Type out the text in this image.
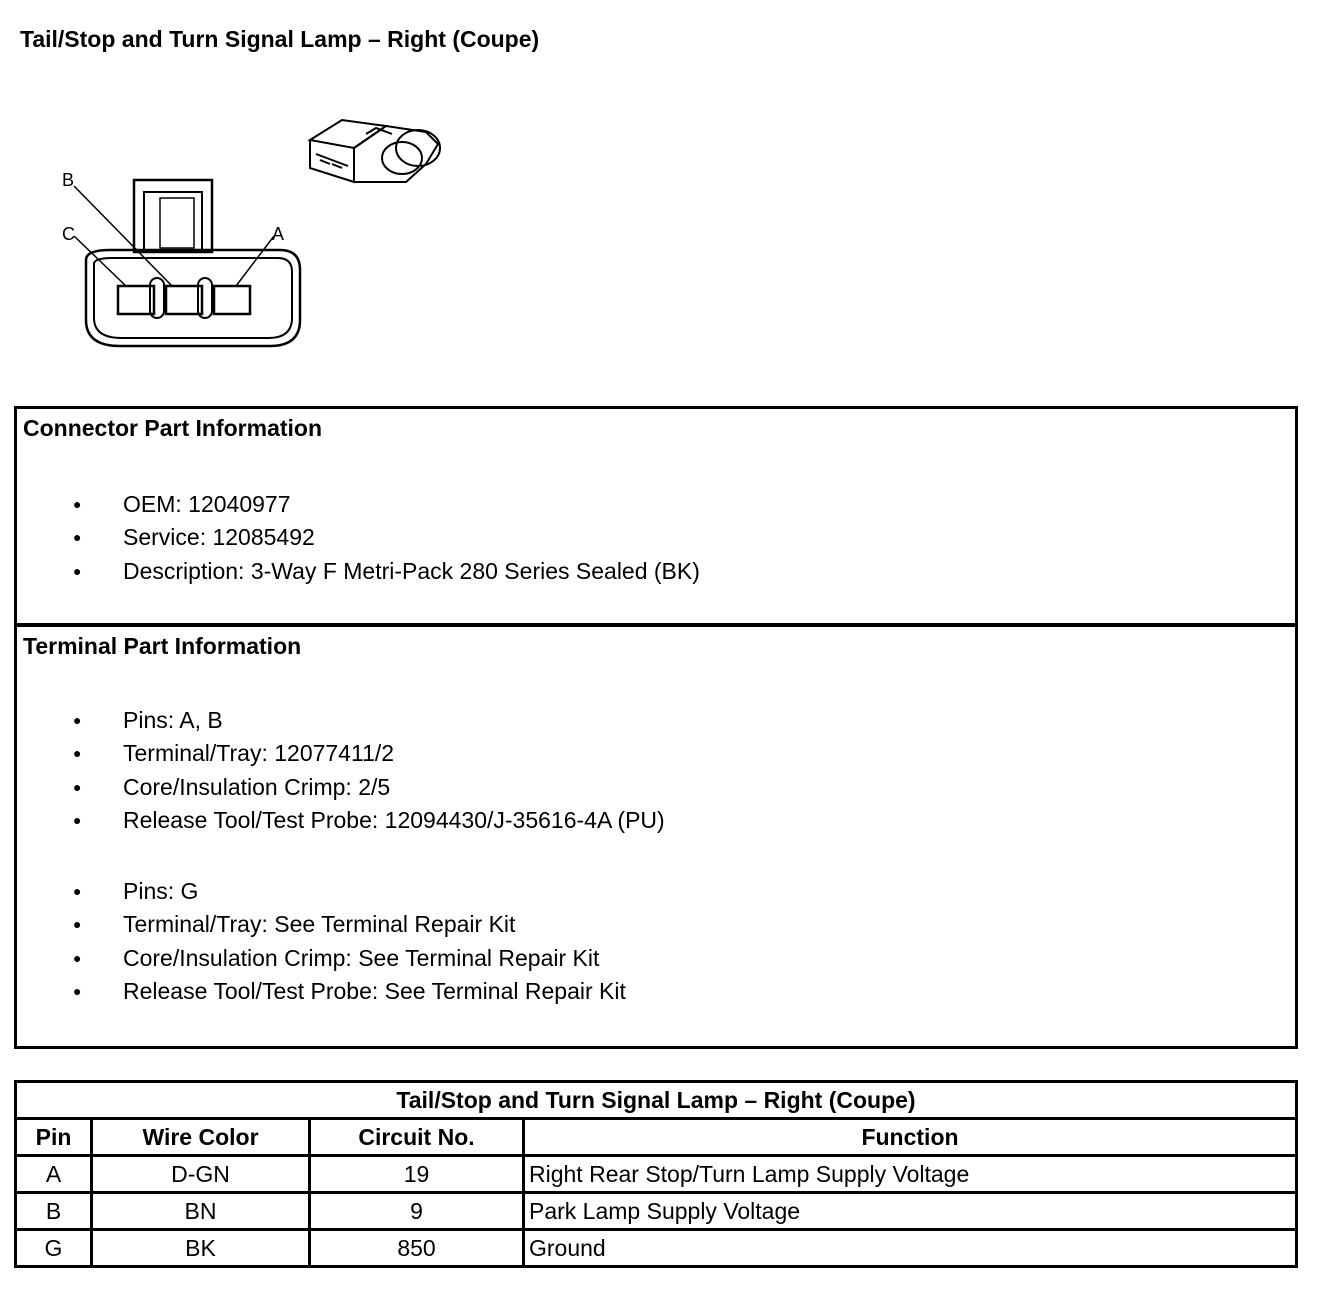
Tail/Stop and Turn Signal Lamp – Right (Coupe)
B
C	A
Connector Part Information
● OEM: 12040977
● Service: 12085492
● Description: 3-Way F Metri-Pack 280 Series Sealed (BK)
Terminal Part Information
● Pins: A, B
● Terminal/Tray: 12077411/2
● Core/Insulation Crimp: 2/5
● Release Tool/Test Probe: 12094430/J-35616-4A (PU)
● Pins: G
● Terminal/Tray: See Terminal Repair Kit
● Core/Insulation Crimp: See Terminal Repair Kit
● Release Tool/Test Probe: See Terminal Repair Kit
Tail/Stop and Turn Signal Lamp – Right (Coupe)			
Pin	Wire Color	Circuit No.	Function
A	D-GN	19	Right Rear Stop/Turn Lamp Supply Voltage
B	BN	9	Park Lamp Supply Voltage
G	BK	850	Ground
